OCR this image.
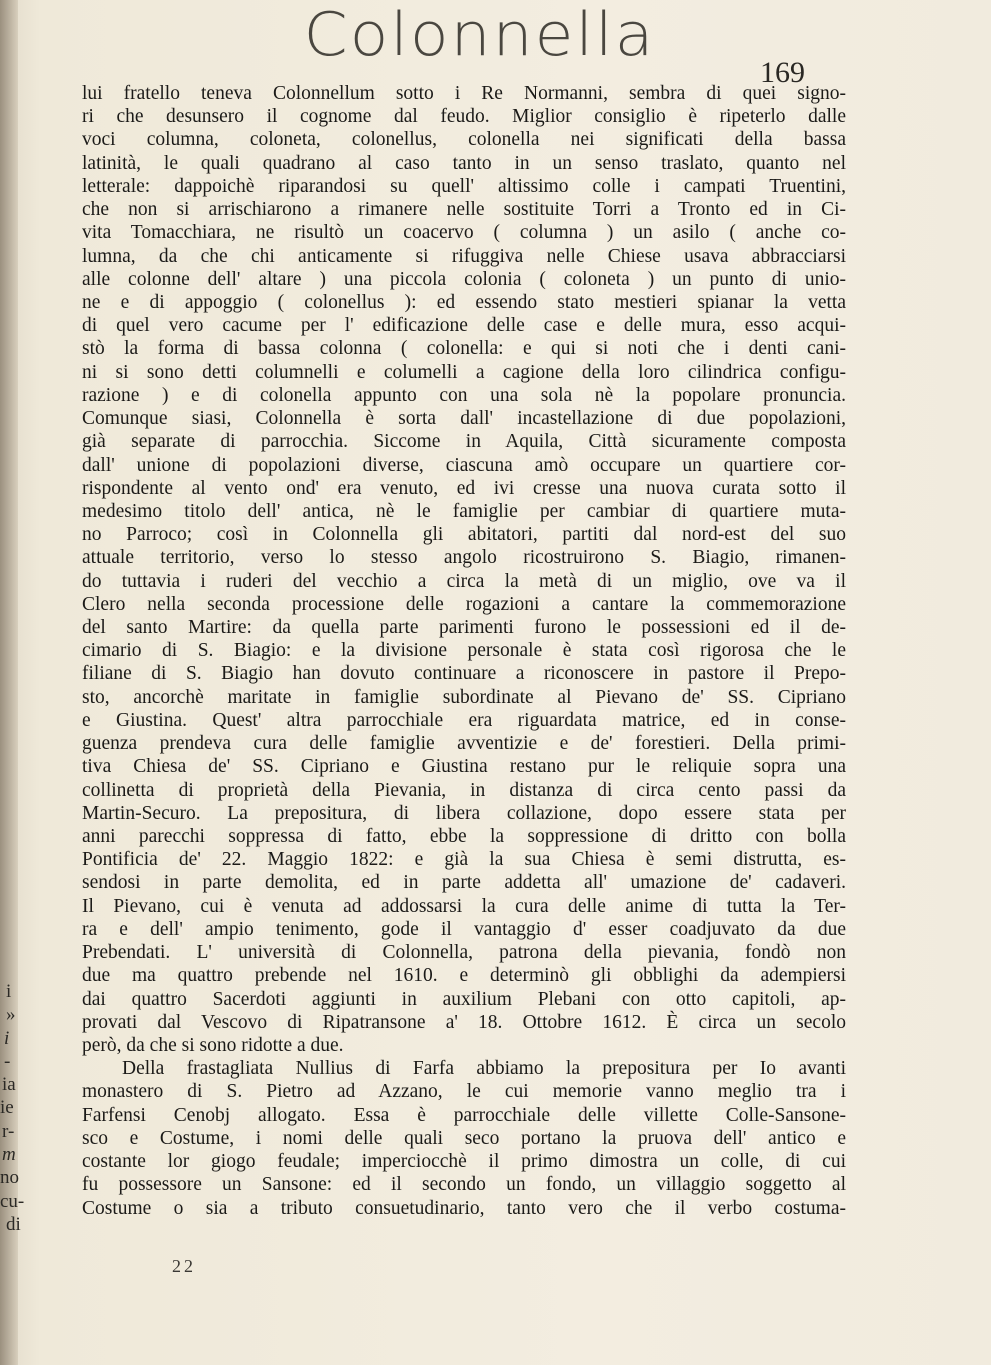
Colonnella
169
lui fratello teneva Colonnellum sotto i Re Normanni, sembra di quei signo-
ri che desunsero il cognome dal feudo. Miglior consiglio è ripeterlo dalle
voci columna, coloneta, colonellus, colonella nei significati della bassa
latinità, le quali quadrano al caso tanto in un senso traslato, quanto nel
letterale: dappoichè riparandosi su quell' altissimo colle i campati Truentini,
che non si arrischiarono a rimanere nelle sostituite Torri a Tronto ed in Ci-
vita Tomacchiara, ne risultò un coacervo ( columna ) un asilo ( anche co-
lumna, da che chi anticamente si rifuggiva nelle Chiese usava abbracciarsi
alle colonne dell' altare ) una piccola colonia ( coloneta ) un punto di unio-
ne e di appoggio ( colonellus ): ed essendo stato mestieri spianar la vetta
di quel vero cacume per l' edificazione delle case e delle mura, esso acqui-
stò la forma di bassa colonna ( colonella: e qui si noti che i denti cani-
ni si sono detti columnelli e columelli a cagione della loro cilindrica configu-
razione ) e di colonella appunto con una sola nè la popolare pronuncia.
Comunque siasi, Colonnella è sorta dall' incastellazione di due popolazioni,
già separate di parrocchia. Siccome in Aquila, Città sicuramente composta
dall' unione di popolazioni diverse, ciascuna amò occupare un quartiere cor-
rispondente al vento ond' era venuto, ed ivi cresse una nuova curata sotto il
medesimo titolo dell' antica, nè le famiglie per cambiar di quartiere muta-
no Parroco; così in Colonnella gli abitatori, partiti dal nord-est del suo
attuale territorio, verso lo stesso angolo ricostruirono S. Biagio, rimanen-
do tuttavia i ruderi del vecchio a circa la metà di un miglio, ove va il
Clero nella seconda processione delle rogazioni a cantare la commemorazione
del santo Martire: da quella parte parimenti furono le possessioni ed il de-
cimario di S. Biagio: e la divisione personale è stata così rigorosa che le
filiane di S. Biagio han dovuto continuare a riconoscere in pastore il Prepo-
sto, ancorchè maritate in famiglie subordinate al Pievano de' SS. Cipriano
e Giustina. Quest' altra parrocchiale era riguardata matrice, ed in conse-
guenza prendeva cura delle famiglie avventizie e de' forestieri. Della primi-
tiva Chiesa de' SS. Cipriano e Giustina restano pur le reliquie sopra una
collinetta di proprietà della Pievania, in distanza di circa cento passi da
Martin-Securo. La prepositura, di libera collazione, dopo essere stata per
anni parecchi soppressa di fatto, ebbe la soppressione di dritto con bolla
Pontificia de' 22. Maggio 1822: e già la sua Chiesa è semi distrutta, es-
sendosi in parte demolita, ed in parte addetta all' umazione de' cadaveri.
Il Pievano, cui è venuta ad addossarsi la cura delle anime di tutta la Ter-
ra e dell' ampio tenimento, gode il vantaggio d' esser coadjuvato da due
Prebendati. L' università di Colonnella, patrona della pievania, fondò non
due ma quattro prebende nel 1610. e determinò gli obblighi da adempiersi
dai quattro Sacerdoti aggiunti in auxilium Plebani con otto capitoli, ap-
provati dal Vescovo di Ripatransone a' 18. Ottobre 1612. È circa un secolo
però, da che si sono ridotte a due.
Della frastagliata Nullius di Farfa abbiamo la prepositura per Io avanti
monastero di S. Pietro ad Azzano, le cui memorie vanno meglio tra i
Farfensi Cenobj allogato. Essa è parrocchiale delle villette Colle-Sansone-
sco e Costume, i nomi delle quali seco portano la pruova dell' antico e
costante lor giogo feudale; imperciocchè il primo dimostra un colle, di cui
fu possessore un Sansone: ed il secondo un fondo, un villaggio soggetto al
Costume o sia a tributo consuetudinario, tanto vero che il verbo costuma-
22
i
»
i
-
ia
ie
r-
m
no
cu-
di
